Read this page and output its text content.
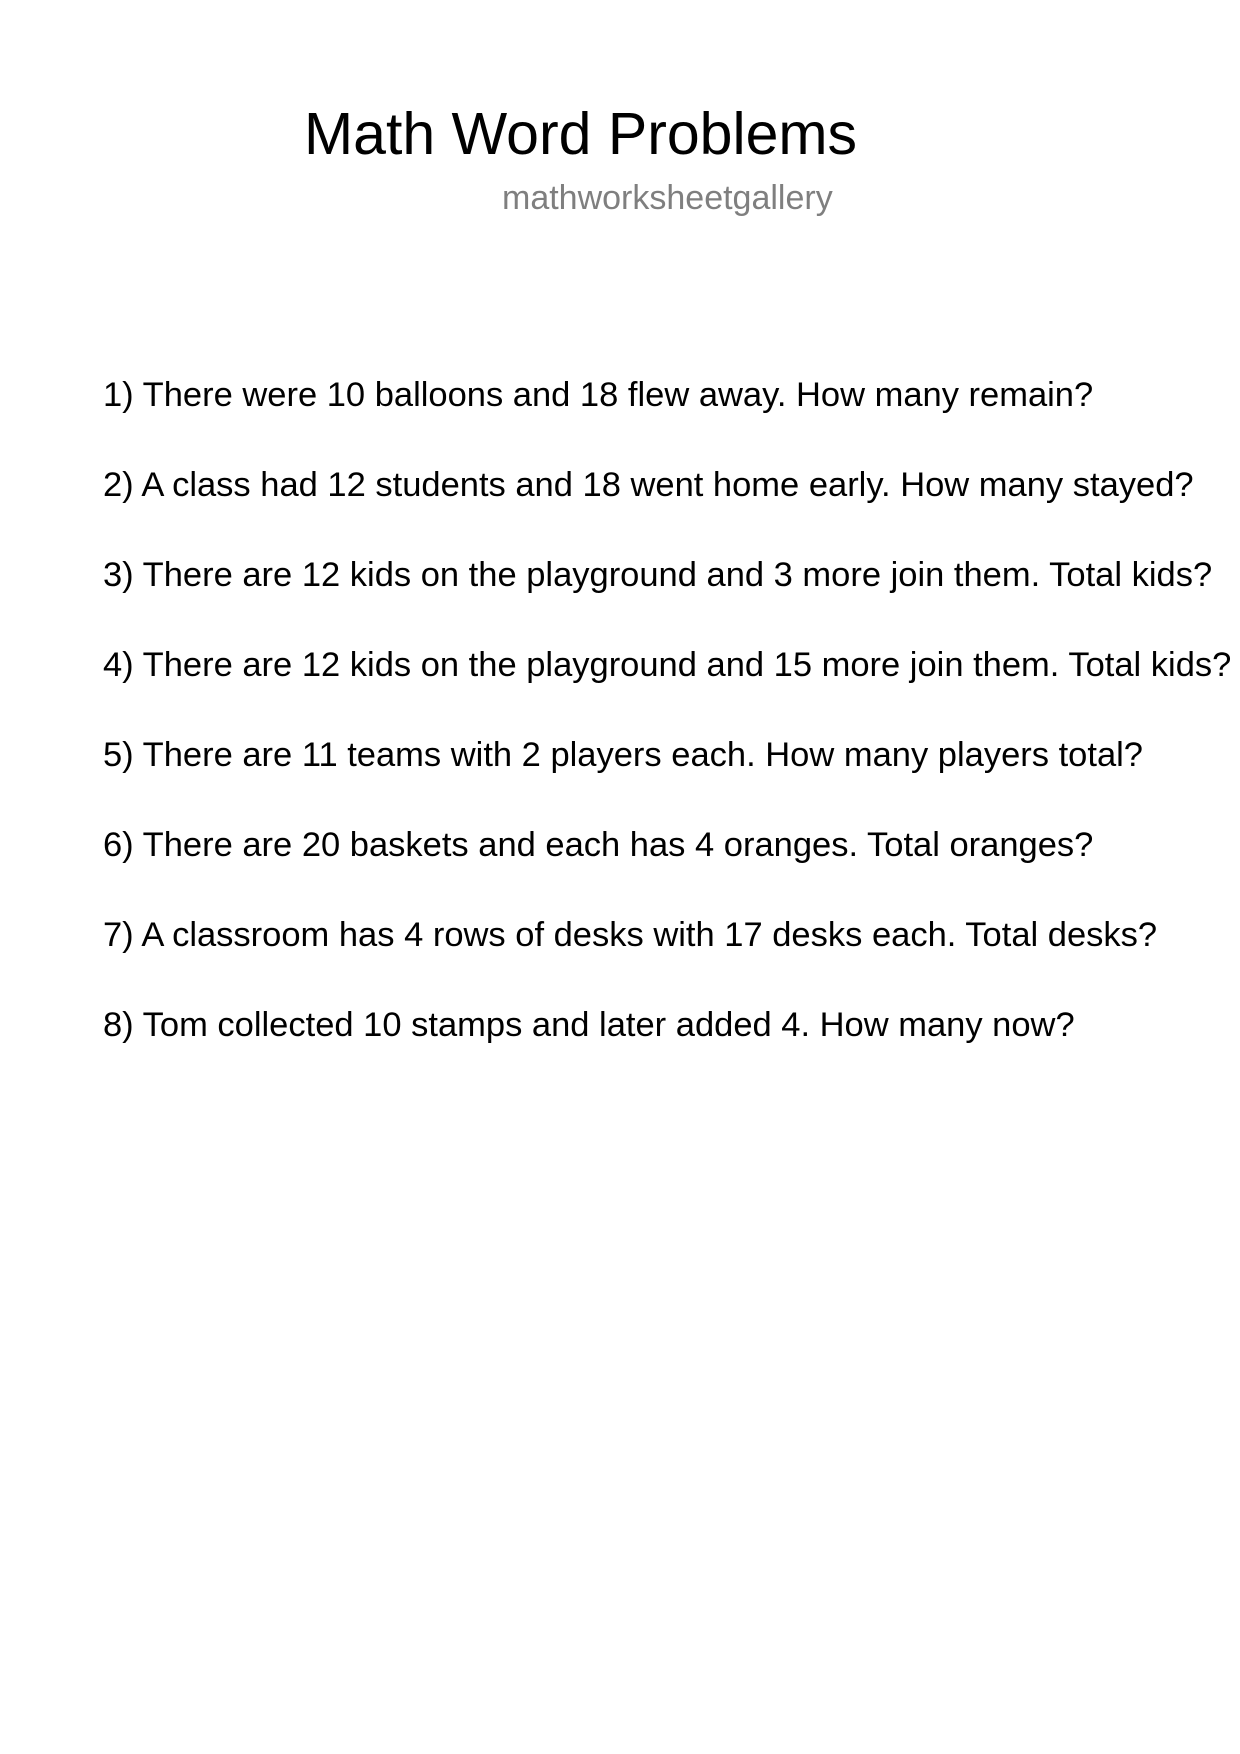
Math Word Problems
mathworksheetgallery
1) There were 10 balloons and 18 flew away. How many remain?
2) A class had 12 students and 18 went home early. How many stayed?
3) There are 12 kids on the playground and 3 more join them. Total kids?
4) There are 12 kids on the playground and 15 more join them. Total kids?
5) There are 11 teams with 2 players each. How many players total?
6) There are 20 baskets and each has 4 oranges. Total oranges?
7) A classroom has 4 rows of desks with 17 desks each. Total desks?
8) Tom collected 10 stamps and later added 4. How many now?
